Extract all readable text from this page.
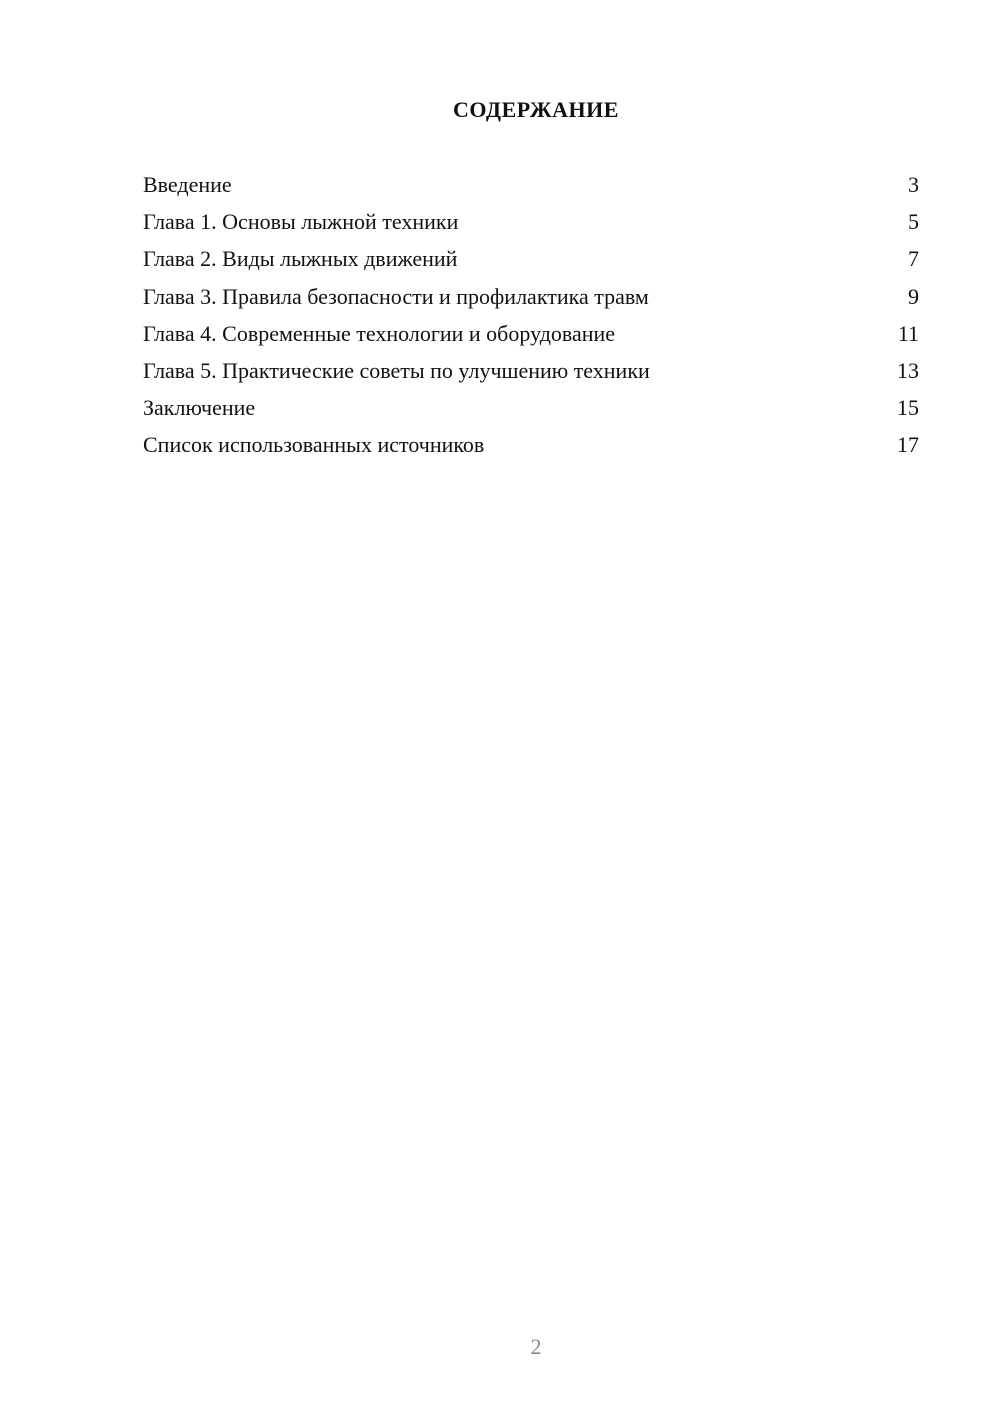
СОДЕРЖАНИЕ
Введение	3
Глава 1. Основы лыжной техники	5
Глава 2. Виды лыжных движений	7
Глава 3. Правила безопасности и профилактика травм	9
Глава 4. Современные технологии и оборудование	11
Глава 5. Практические советы по улучшению техники	13
Заключение	15
Список использованных источников	17
2
